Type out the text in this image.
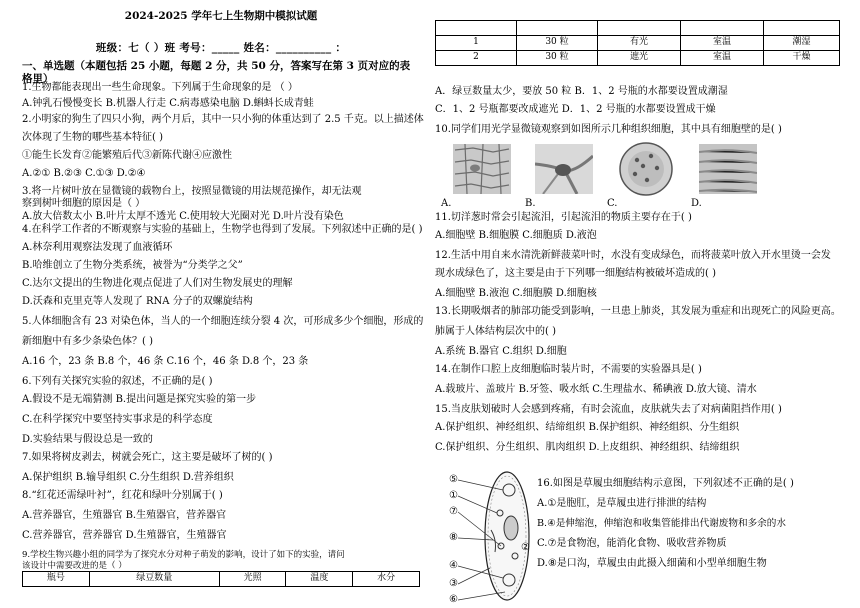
2024-2025 学年七上生物期中模拟试题
班级：七（ ）班 考号：_____ 姓名：__________ ：
一、单选题（本题包括 25 小题，每题 2 分，共 50 分，答案写在第 3 页对应的表格里）
1.生物都能表现出一些生命现象。下列属于生命现象的是 （ ）
A.钟乳石慢慢变长 B.机器人行走 C.病毒感染电脑 D.蝌蚪长成青蛙
2.小明家的狗生了四只小狗，两个月后，其中一只小狗的体重达到了 2.5 千克。以上描述体
次体现了生物的哪些基本特征( )
①能生长发育②能繁殖后代③新陈代谢④应激性
A.②① B.②③ C.①③ D.②④
3.将一片树叶放在显微镜的载物台上，按照显微镜的用法规范操作，却无法观
察到树叶细胞的原因是（ ）
A.放大倍数太小 B.叶片太厚不透光 C.使用较大光圈对光 D.叶片没有染色
4.在科学工作者的不断观察与实验的基础上，生物学也得到了发展。下列叙述中正确的是( )
A.林奈利用观察法发现了血液循环
B.哈维创立了生物分类系统，被誉为“分类学之父”
C.达尔文提出的生物进化观点促进了人们对生物发展史的理解
D.沃森和克里克等人发现了 RNA 分子的双螺旋结构
5.人体细胞含有 23 对染色体，当人的一个细胞连续分裂 4 次，可形成多少个细胞，形成的
新细胞中有多少条染色体？( )
A.16 个，23 条 B.8 个，46 条 C.16 个，46 条 D.8 个，23 条
6.下列有关探究实验的叙述，不正确的是( )
A.假设不是无端猜测 B.提出问题是探究实验的第一步
C.在科学探究中要坚持实事求是的科学态度
D.实验结果与假设总是一致的
7.如果将树皮剥去，树就会死亡，这主要是破坏了树的( )
A.保护组织 B.输导组织 C.分生组织 D.营养组织
8.“红花还需绿叶衬”，红花和绿叶分别属于( )
A.营养器官，生殖器官 B.生殖器官，营养器官
C.营养器官，营养器官 D.生殖器官，生殖器官
9.学校生物兴趣小组的同学为了探究水分对种子萌发的影响，设计了如下的实验，请问
该设计中需要改进的是（ ）
瓶号	绿豆数量	光照	温度	水分

1	30 粒	有光	室温	潮湿
2	30 粒	遮光	室温	干燥
A．绿豆数量太少，要放 50 粒 B．1、2 号瓶的水都要设置成潮湿
C．1、2 号瓶都要改成遮光 D．1、2 号瓶的水都要设置成干燥
10.同学们用光学显微镜观察到如图所示几种组织细胞，其中具有细胞壁的是( )
A.	B.	C.	D.
11.切洋葱时常会引起流泪，引起流泪的物质主要存在于( )
A.细胞壁 B.细胞膜 C.细胞质 D.液泡
12.生活中用自来水清洗新鲜菠菜叶时，水没有变成绿色，而将菠菜叶放入开水里烫一会发
现水成绿色了，这主要是由于下列哪一细胞结构被破坏造成的( )
A.细胞壁 B.液泡 C.细胞膜 D.细胞核
13.长期吸烟者的肺部功能受到影响，一旦患上肺炎，其发展为重症和出现死亡的风险更高。
肺属于人体结构层次中的( )
A.系统 B.器官 C.组织 D.细胞
14.在制作口腔上皮细胞临时装片时，不需要的实验器具是( )
A.载玻片、盖玻片 B.牙签、吸水纸 C.生理盐水、稀碘液 D.放大镜、清水
15.当皮肤划破时人会感到疼痛，有时会流血，皮肤就失去了对病菌阻挡作用( )
A.保护组织、神经组织、结缔组织 B.保护组织、神经组织、分生组织
C.保护组织、分生组织、肌肉组织 D.上皮组织、神经组织、结缔组织
⑤
①
⑦
⑧
④
③
⑥
②
16.如图是草履虫细胞结构示意图，下列叙述不正确的是( )
A.①是胞肛，是草履虫进行排泄的结构
B.④是伸缩泡，伸缩泡和收集管能排出代谢废物和多余的水
C.⑦是食物泡，能消化食物、吸收营养物质
D.⑧是口沟，草履虫由此摄入细菌和小型单细胞生物
